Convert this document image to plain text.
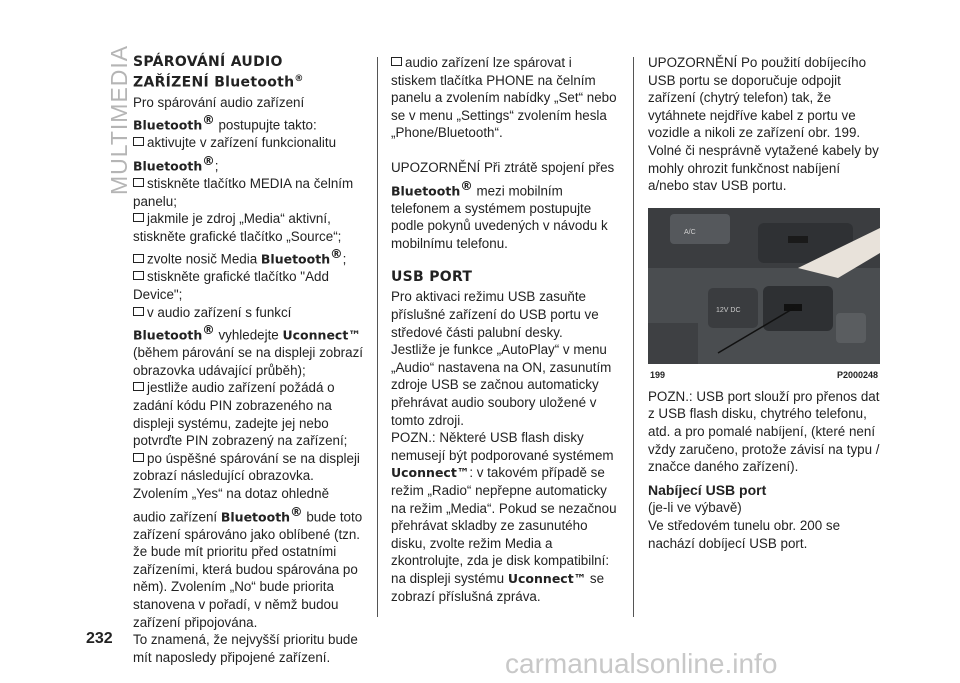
MULTIMEDIA SPÁROVÁNÍ AUDIO
ZAŘÍZENÍ Bluetooth®

Pro spárování audio zařízení
Bluetooth® postupujte takto:

aktivujte v zařízení funkcionalitu
Bluetooth®;

stiskněte tlačítko MEDIA na čelním panelu;

jakmile je zdroj „Media“ aktivní, stiskněte grafické tlačítko „Source“;

zvolte nosič Media Bluetooth®;

stiskněte grafické tlačítko "Add Device";

v audio zařízení s funkcí Bluetooth® vyhledejte Uconnect™ (během párování se na displeji zobrazí obrazovka udávající průběh);

jestliže audio zařízení požádá o zadání kódu PIN zobrazeného na displeji systému, zadejte jej nebo potvrďte PIN zobrazený na zařízení;

po úspěšné spárování se na displeji zobrazí následující obrazovka. Zvolením „Yes“ na dotaz ohledně audio zařízení Bluetooth® bude toto zařízení spárováno jako oblíbené (tzn. že bude mít prioritu před ostatními zařízeními, která budou spárována po něm). Zvolením „No“ bude priorita stanovena v pořadí, v němž budou zařízení připojována.

To znamená, že nejvyšší prioritu bude mít naposledy připojené zařízení.

audio zařízení lze spárovat i stiskem tlačítka PHONE na čelním panelu a zvolením nabídky „Set“ nebo se v menu „Settings“ zvolením hesla „Phone/Bluetooth“.

UPOZORNĚNÍ Při ztrátě spojení přes Bluetooth® mezi mobilním telefonem a systémem postupujte podle pokynů uvedených v návodu k mobilnímu telefonu.

USB PORT

Pro aktivaci režimu USB zasuňte příslušné zařízení do USB portu ve středové části palubní desky.

Jestliže je funkce „AutoPlay“ v menu „Audio“ nastavena na ON, zasunutím zdroje USB se začnou automaticky přehrávat audio soubory uložené v tomto zdroji.

POZN.: Některé USB flash disky nemusejí být podporované systémem Uconnect™: v takovém případě se režim „Radio“ nepřepne automaticky na režim „Media“. Pokud se nezačnou přehrávat skladby ze zasunutého disku, zvolte režim Media a zkontrolujte, zda je disk kompatibilní: na displeji systému Uconnect™ se zobrazí příslušná zpráva.

UPOZORNĚNÍ Po použití dobíjecího USB portu se doporučuje odpojit zařízení (chytrý telefon) tak, že vytáhnete nejdříve kabel z portu ve vozidle a nikoli ze zařízení obr. 199. Volné či nesprávně vytažené kabely by mohly ohrozit funkčnost nabíjení a/nebo stav USB portu.

A/C
12V DC
199	P2000248

POZN.: USB port slouží pro přenos dat z USB flash disku, chytrého telefonu, atd. a pro pomalé nabíjení, (které není vždy zaručeno, protože závisí na typu / značce daného zařízení).

Nabíjecí USB port

(je-li ve výbavě)

Ve středovém tunelu obr. 200 se nachází dobíjecí USB port.

232
carmanualsonline.info
